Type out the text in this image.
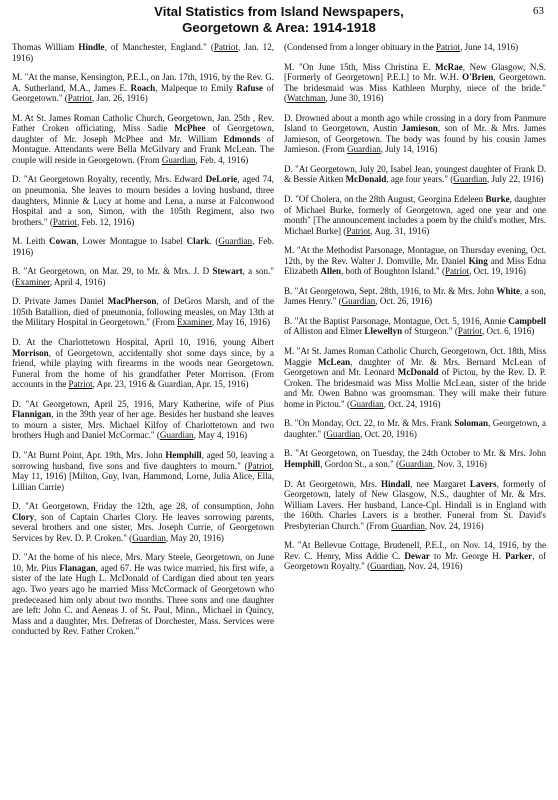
Vital Statistics from Island Newspapers,
Georgetown & Area: 1914-1918
63
Thomas William Hindle, of Manchester, England." (Patriot, Jan. 12, 1916)
M. "At the manse, Kensington, P.E.I., on Jan. 17th, 1916, by the Rev. G. A. Sutherland, M.A., James E. Roach, Malpeque to Emily Rafuse of Georgetown." (Patriot, Jan. 26, 1916)
M. At St. James Roman Catholic Church, Georgetown, Jan. 25th , Rev. Father Croken officiating, Miss Sadie McPhee of Georgetown, daughter of Mr. Joseph McPhee and Mr. William Edmonds of Montague. Attendants were Bella McGilvary and Frank McLean. The couple will reside in Georgetown. (From Guardian, Feb. 4, 1916)
D. "At Georgetown Royalty, recently, Mrs. Edward DeLorie, aged 74, on pneumonia. She leaves to mourn besides a loving husband, three daughters, Minnie & Lucy at home and Lena, a nurse at Falconwood Hospital and a son, Simon, with the 105th Regiment, also two brothers." (Patriot, Feb. 12, 1916)
M. Leith Cowan, Lower Montague to Isabel Clark. (Guardian, Feb. 1916)
B. "At Georgetown, on Mar. 29, to Mr. & Mrs. J. D Stewart, a son." (Examiner, April 4, 1916)
D. Private James Daniel MacPherson, of DeGros Marsh, and of the 105th Batallion, died of pneumonia, following measles, on May 13th at the Military Hospital in Georgetown." (From Examiner, May 16, 1916)
D. At the Charlottetown Hospital, April 10, 1916, young Albert Morrison, of Georgetown, accidentally shot some days since, by a friend, while playing with firearms in the woods near Georgetown. Funeral from the home of his grandfather Peter Morrison. (From accounts in the Patriot, Apr. 23, 1916 & Guardian, Apr. 15, 1916)
D. "At Georgetown, April 25, 1916, Mary Katherine, wife of Pius Flannigan, in the 39th year of her age. Besides her husband she leaves to mourn a sister, Mrs. Michael Kilfoy of Charlottetown and two brothers Hugh and Daniel McCormac." (Guardian, May 4, 1916)
D. "At Burnt Point, Apr. 19th, Mrs. John Hemphill, aged 50, leaving a sorrowing husband, five sons and five daughters to mourn." (Patriot, May 11, 1916) [Milton, Guy, Ivan, Hammond, Lorne, Julia Alice, Ella, Lillian Carrie)
D. "At Georgetown, Friday the 12th, age 28, of consumption, John Clory, son of Captain Charles Clory. He leaves sorrowing parents, several brothers and one sister, Mrs. Joseph Currie, of Georgetown Services by Rev. D. P. Croken." (Guardian, May 20, 1916)
D. "At the home of his niece, Mrs. Mary Steele, Georgetown, on June 10, Mr. Pius Flanagan, aged 67. He was twice married, his first wife, a sister of the late Hugh L. McDonald of Cardigan died about ten years ago. Two years ago he married Miss McCormack of Georgetown who predeceased him only about two months. Three sons and one daughter are left: John C. and Aeneas J. of St. Paul, Minn., Michael in Quincy, Mass and a daughter, Mrs. Defretas of Dorchester, Mass. Services were conducted by Rev. Father Croken."
(Condensed from a longer obituary in the Patriot, June 14, 1916)
M. "On June 15th, Miss Christina E. McRae, New Glasgow, N.S. [Formerly of Georgetown] P.E.I.] to Mr. W.H. O'Brien, Georgetown. The bridesmaid was Miss Kathleen Murphy, niece of the bride." (Watchman, June 30, 1916)
D. Drowned about a month ago while crossing in a dory from Panmure Island to Georgetown, Austin Jamieson, son of Mr. & Mrs. James Jamieson, of Georgetown. The body was found by his cousin James Jamieson. (From Guardian, July 14, 1916)
D. "At Georgetown, July 20, Isabel Jean, youngest daughter of Frank D. & Bessie Aitken McDonald, age four years." (Guardian, July 22, 1916)
D. "Of Cholera, on the 28th August, Georgina Edeleen Burke, daughter of Michael Burke, formerly of Georgetown, aged one year and one month" [The announcement includes a poem by the child's mother, Mrs. Michael Burke] (Patriot, Aug. 31, 1916)
M. "At the Methodist Parsonage, Montague, on Thursday evening, Oct. 12th, by the Rev. Walter J. Domville, Mr. Daniel King and Miss Edna Elizabeth Allen, both of Boughton Island." (Patriot, Oct. 19, 1916)
B. "At Georgetown, Sept. 28th, 1916, to Mr. & Mrs. John White, a son, James Henry." (Guardian, Oct. 26, 1916)
B. "At the Baptist Parsonage, Montague, Oct. 5, 1916, Annie Campbell of Alliston and Elmer Llewellyn of Sturgeon." (Patriot, Oct. 6, 1916)
M. "At St. James Roman Catholic Church, Georgetown, Oct. 18th, Miss Maggie McLean, daughter of Mr. & Mrs. Bernard McLean of Georgetown and Mr. Leonard McDonald of Pictou, by the Rev. D. P. Croken. The bridesmaid was Miss Mollie McLean, sister of the bride and Mr. Owen Babno was groomsman. They will make their future home in Pictou." (Guardian, Oct. 24, 1916)
B. "On Monday, Oct. 22, to Mr. & Mrs. Frank Soloman, Georgetown, a daughter." (Guardian, Oct. 20, 1916)
B. "At Georgetown, on Tuesday, the 24th October to Mr. & Mrs. John Hemphill, Gordon St., a son." (Guardian, Nov. 3, 1916)
D. At Georgetown, Mrs. Hindall, nee Margaret Lavers, formerly of Georgetown, lately of New Glasgow, N.S., daughter of Mr. & Mrs. William Lavers. Her husband, Lance-Cpl. Hindall is in England with the 160th. Charles Lavers is a brother. Funeral from St. David's Presbyterian Church." (From Guardian, Nov. 24, 1916)
M. "At Bellevue Cottage, Brudenell, P.E.I., on Nov. 14, 1916, by the Rev. C. Henry, Miss Addie C. Dewar to Mr. George H. Parker, of Georgetown Royalty." (Guardian, Nov. 24, 1916)
